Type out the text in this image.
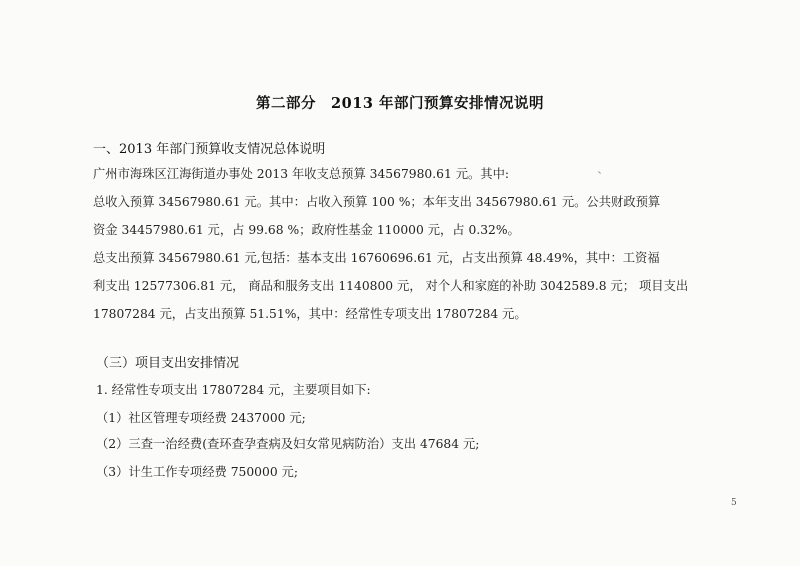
第二部分　2013 年部门预算安排情况说明
一、2013 年部门预算收支情况总体说明
广州市海珠区江海街道办事处 2013 年收支总预算 34567980.61 元。其中:
总收入预算 34567980.61 元。其中：占收入预算 100 %；本年支出 34567980.61 元。公共财政预算
资金 34457980.61 元，占 99.68 %；政府性基金 110000 元，占 0.32%。
总支出预算 34567980.61 元,包括：基本支出 16760696.61 元，占支出预算 48.49%，其中：工资福
利支出 12577306.81 元， 商品和服务支出 1140800 元， 对个人和家庭的补助 3042589.8 元； 项目支出
17807284 元，占支出预算 51.51%，其中：经常性专项支出 17807284 元。
（三）项目支出安排情况
1. 经常性专项支出 17807284 元，主要项目如下:
（1）社区管理专项经费 2437000 元;
（2）三查一治经费(查环查孕查病及妇女常见病防治）支出 47684 元;
（3）计生工作专项经费 750000 元;
5
